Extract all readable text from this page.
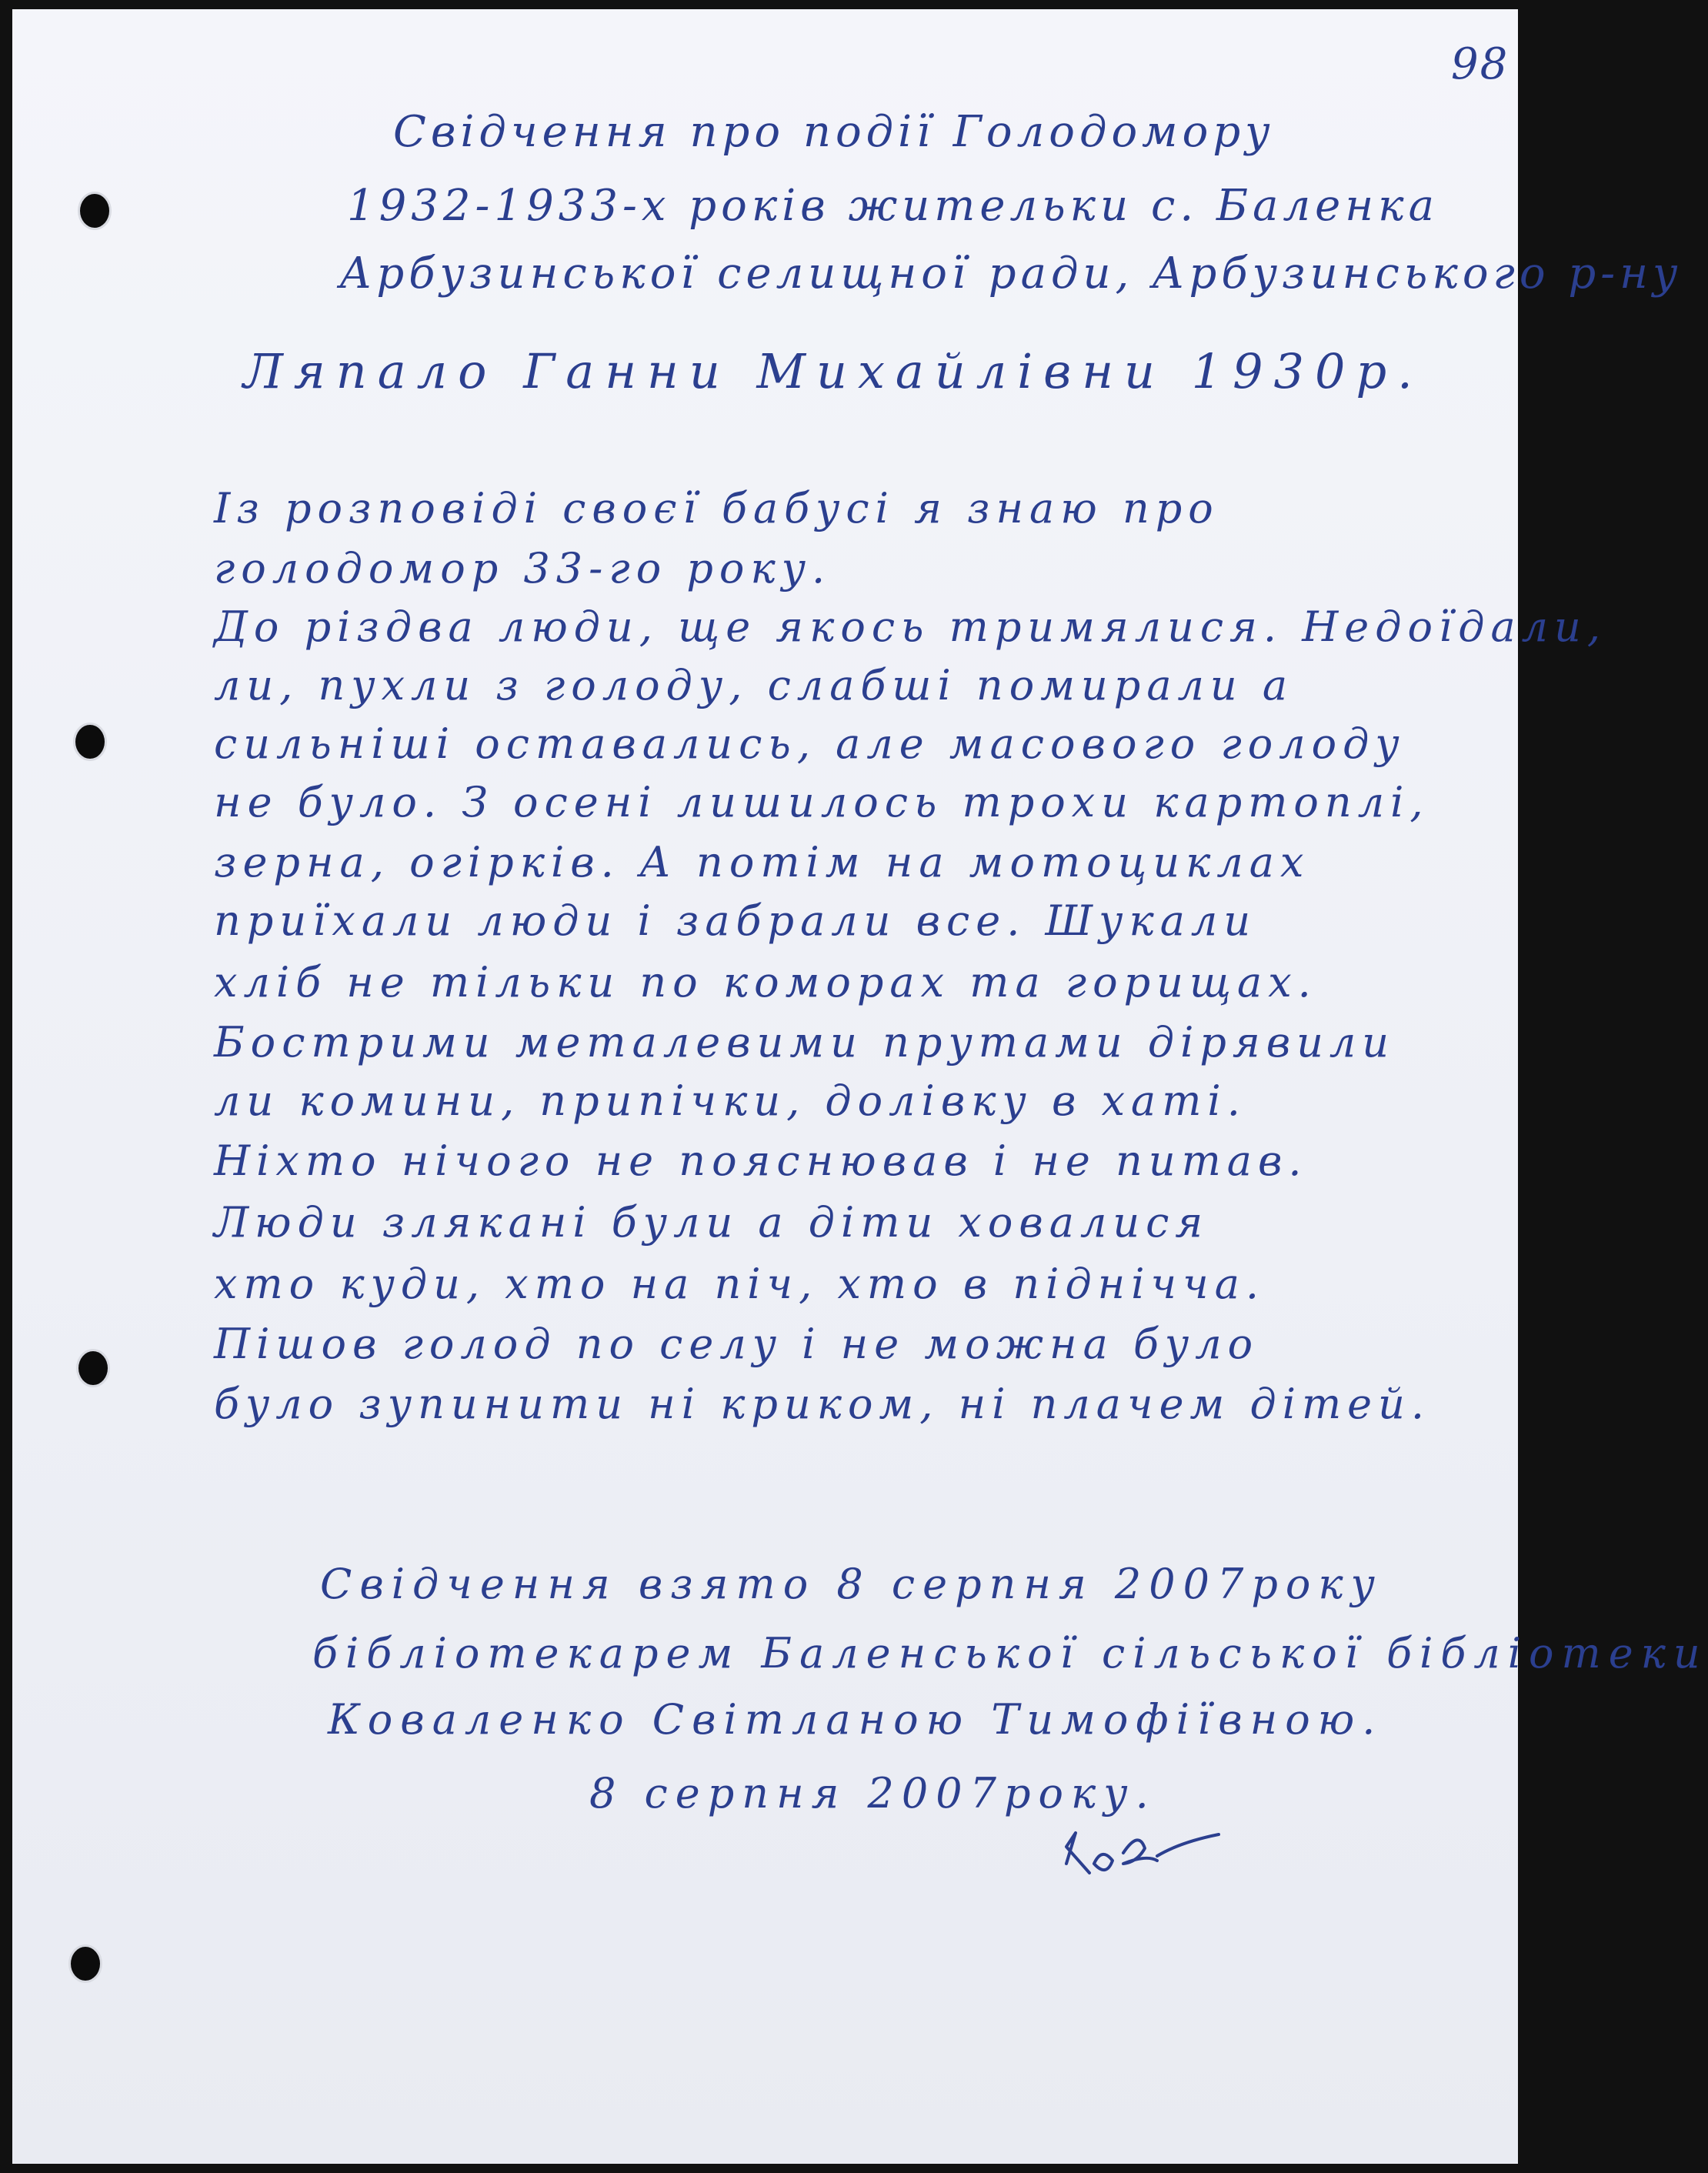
98
Свідчення про події Голодомору
1932-1933-х років жительки с. Баленка
Арбузинської селищної ради, Арбузинського р-ну
Ляпало Ганни Михайлівни 1930р.
Із розповіді своєї бабусі я знаю про
голодомор 33-го року.
До різдва люди, ще якось тримялися. Недоїдали,
ли, пухли з голоду, слабші помирали а
сильніші оставались, але масового голоду
не було. З осені лишилось трохи картоплі,
зерна, огірків. А потім на мотоциклах
приїхали люди і забрали все. Шукали
хліб не тільки по коморах та горищах.
Бострими металевими прутами дірявили
ли комини, припічки, долівку в хаті.
Ніхто нічого не пояснював і не питав.
Люди злякані були а діти ховалися
хто куди, хто на піч, хто в піднічча.
Пішов голод по селу і не можна було
було зупинити ні криком, ні плачем дітей.
Свідчення взято 8 серпня 2007року
бібліотекарем Баленської сільської бібліотеки
Коваленко Світланою Тимофіївною.
8 серпня 2007року.
